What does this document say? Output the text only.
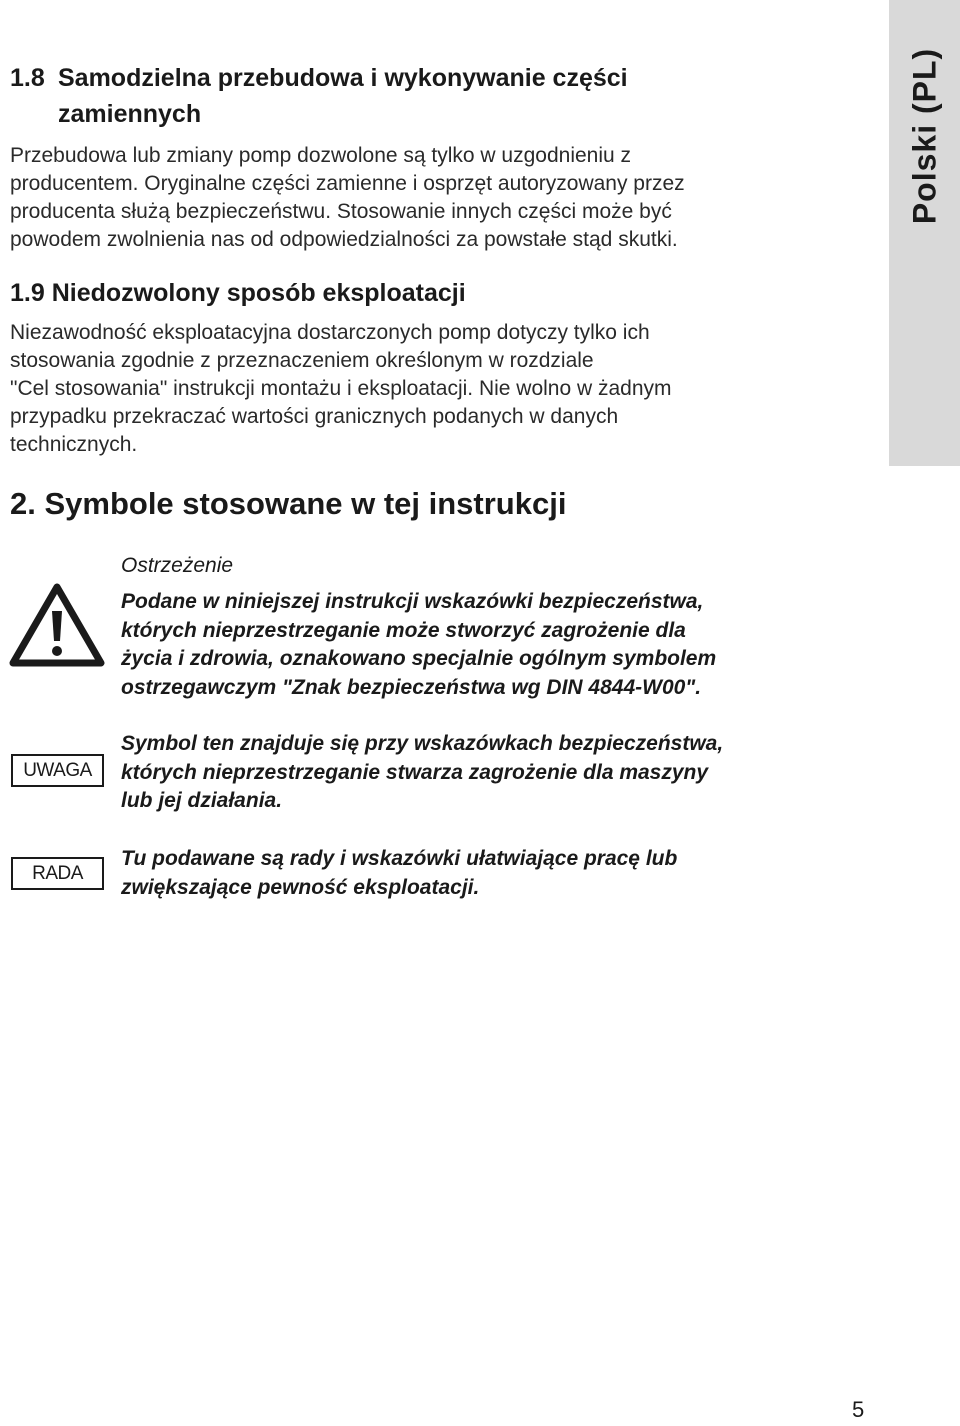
Polski (PL)
1.8 Samodzielna przebudowa i wykonywanie części
zamiennych

Przebudowa lub zmiany pomp dozwolone są tylko w uzgodnieniu z
producentem. Oryginalne części zamienne i osprzęt autoryzowany przez
producenta służą bezpieczeństwu. Stosowanie innych części może być
powodem zwolnienia nas od odpowiedzialności za powstałe stąd skutki.

1.9 Niedozwolony sposób eksploatacji

Niezawodność eksploatacyjna dostarczonych pomp dotyczy tylko ich
stosowania zgodnie z przeznaczeniem określonym w rozdziale
"Cel stosowania" instrukcji montażu i eksploatacji. Nie wolno w żadnym
przypadku przekraczać wartości granicznych podanych w danych
technicznych.

2. Symbole stosowane w tej instrukcji

Ostrzeżenie

Podane w niniejszej instrukcji wskazówki bezpieczeństwa,
których nieprzestrzeganie może stworzyć zagrożenie dla
życia i zdrowia, oznakowano specjalnie ogólnym symbolem
ostrzegawczym "Znak bezpieczeństwa wg DIN 4844-W00".

UWAGA

Symbol ten znajduje się przy wskazówkach bezpieczeństwa,
których nieprzestrzeganie stwarza zagrożenie dla maszyny
lub jej działania.

RADA

Tu podawane są rady i wskazówki ułatwiające pracę lub
zwiększające pewność eksploatacji.

5
